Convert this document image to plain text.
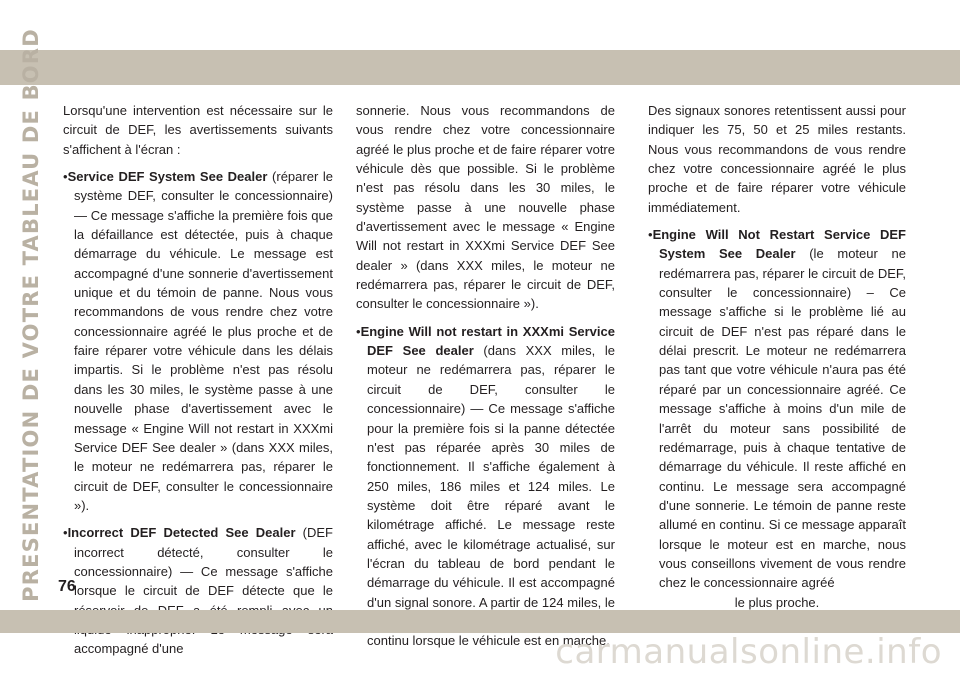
PRESENTATION DE VOTRE TABLEAU DE BORD Lorsqu'une intervention est nécessaire sur le circuit de DEF, les avertissements suivants s'affichent à l'écran :

•Service DEF System See Dealer (réparer le système DEF, consulter le concessionnaire) — Ce message s'affiche la première fois que la défaillance est détectée, puis à chaque démarrage du véhicule. Le message est accompagné d'une sonnerie d'avertissement unique et du témoin de panne. Nous vous recommandons de vous rendre chez votre concessionnaire agréé le plus proche et de faire réparer votre véhicule dans les délais impartis. Si le problème n'est pas résolu dans les 30 miles, le système passe à une nouvelle phase d'avertissement avec le message « Engine Will not restart in XXXmi Service DEF See dealer » (dans XXX miles, le moteur ne redémarrera pas, réparer le circuit de DEF, consulter le concessionnaire »).

•Incorrect DEF Detected See Dealer (DEF incorrect détecté, consulter le concessionnaire) — Ce message s'affiche lorsque le circuit de DEF détecte que le accompagné d'une

sonnerie. Nous vous recommandons de vous rendre chez votre concessionnaire agréé le plus proche et de faire réparer votre véhicule dès que possible. Si le problème n'est pas résolu dans les 30 miles, le système passe à une nouvelle phase d'avertissement avec le message « Engine Will not restart in XXXmi Service DEF See dealer » (dans XXX miles, le moteur ne redémarrera pas, réparer le circuit de DEF, consulter le concessionnaire »).

•Engine Will not restart in XXXmi Service DEF See dealer (dans XXX miles, le moteur ne redémarrera pas, réparer le circuit de DEF, consulter le concessionnaire) — Ce message s'affiche pour la première fois si la panne détectée n'est pas réparée après 30 miles de fonctionnement. Il s'affiche également à 250 miles, 186 miles et 124 miles. Le système doit être réparé avant le kilométrage affiché. Le message reste affiché, avec le kilométrage actualisé, sur l'écran du tableau de bord pendant le démarrage du véhicule. Il est accompagné d'un signal sonore. A partir de 124 miles, le continu lorsque le véhicule est en marche.

Des signaux sonores retentissent aussi pour indiquer les 75, 50 et 25 miles restants. Nous vous recommandons de vous rendre chez votre concessionnaire agréé le plus proche et de faire réparer votre véhicule immédiatement.

•Engine Will Not Restart Service DEF System See Dealer (le moteur ne redémarrera pas, réparer le circuit de DEF, consulter le concessionnaire) – Ce message s'affiche si le problème lié au circuit de DEF n'est pas réparé dans le délai prescrit. Le moteur ne redémarrera pas tant que votre véhicule n'aura pas été réparé par un concessionnaire agréé. Ce message s'affiche à moins d'un mile de l'arrêt du moteur sans possibilité de redémarrage, puis à chaque tentative de démarrage du véhicule. Il reste affiché en continu. Le message sera accompagné d'une sonnerie. Le témoin de panne reste allumé en continu. Si ce message apparaît lorsque le moteur est en marche, nous vous conseillons vivement de vous rendre chez le concessionnaire agréé

le plus proche.

76
carmanualsonline.info
